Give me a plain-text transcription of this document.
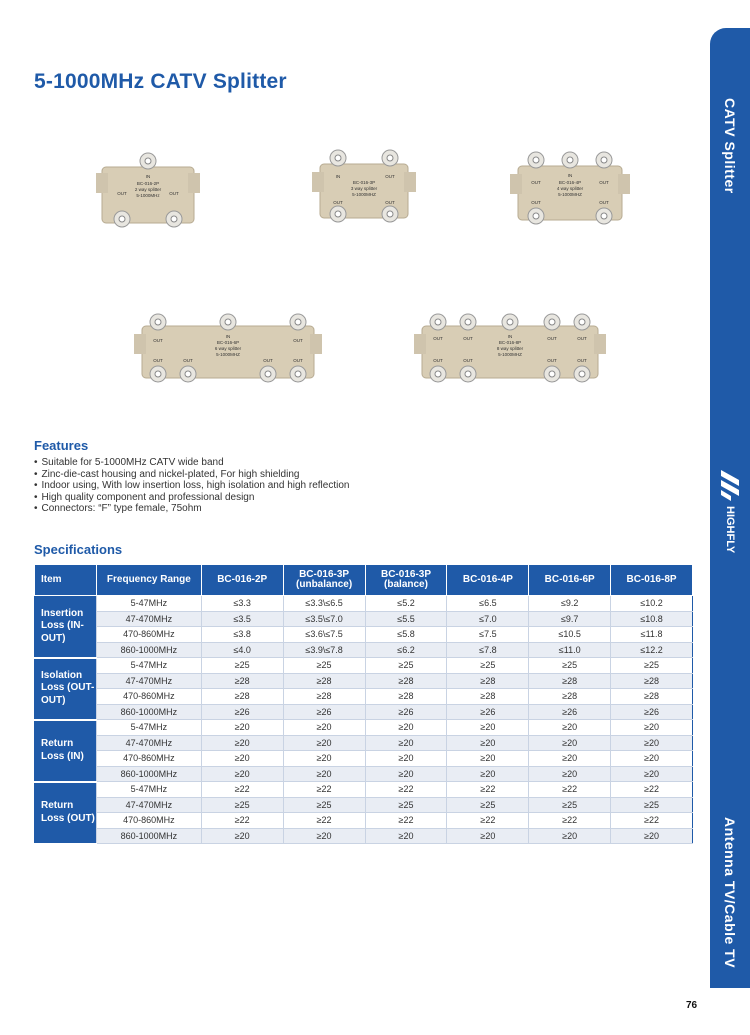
5-1000MHz CATV Splitter
CATV Splitter
HIGHFLY
Antenna TV/Cable TV
IN
BC-016-2P
2 way splitter
5-1000MHz
OUT	OUT
IN	OUT
BC-016-3P
3 way splitter
5-1000MHZ
OUT	OUT
IN
OUT	OUT
BC-016-4P
4 way splitter
5-1000MHZ
OUT	OUT
OUT	OUT
IN
BC-016-6P
6 way splitter
5-1000MHZ
OUT	OUT	OUT	OUT
OUT	OUT	OUT	OUT
IN
BC-016-8P
8 way splitter
5-1000MHZ
OUT	OUT	OUT	OUT
Features
• Suitable for 5-1000MHz CATV wide band
• Zinc-die-cast housing and nickel-plated, For high shielding
• Indoor using, With low insertion loss, high isolation and high reflection
• High quality component and professional design
• Connectors: “F” type female, 75ohm
Specifications
Item	Frequency Range	BC-016-2P	BC-016-3P (unbalance)	BC-016-3P (balance)	BC-016-4P	BC-016-6P	BC-016-8P
Insertion Loss (IN-OUT)	5-47MHz	≤3.3	≤3.3\≤6.5	≤5.2	≤6.5	≤9.2	≤10.2
	47-470MHz	≤3.5	≤3.5\≤7.0	≤5.5	≤7.0	≤9.7	≤10.8
	470-860MHz	≤3.8	≤3.6\≤7.5	≤5.8	≤7.5	≤10.5	≤11.8
	860-1000MHz	≤4.0	≤3.9\≤7.8	≤6.2	≤7.8	≤11.0	≤12.2
Isolation Loss (OUT-OUT)	5-47MHz	≥25	≥25	≥25	≥25	≥25	≥25
	47-470MHz	≥28	≥28	≥28	≥28	≥28	≥28
	470-860MHz	≥28	≥28	≥28	≥28	≥28	≥28
	860-1000MHz	≥26	≥26	≥26	≥26	≥26	≥26
Return Loss (IN)	5-47MHz	≥20	≥20	≥20	≥20	≥20	≥20
	47-470MHz	≥20	≥20	≥20	≥20	≥20	≥20
	470-860MHz	≥20	≥20	≥20	≥20	≥20	≥20
	860-1000MHz	≥20	≥20	≥20	≥20	≥20	≥20
Return Loss (OUT)	5-47MHz	≥22	≥22	≥22	≥22	≥22	≥22
	47-470MHz	≥25	≥25	≥25	≥25	≥25	≥25
	470-860MHz	≥22	≥22	≥22	≥22	≥22	≥22
	860-1000MHz	≥20	≥20	≥20	≥20	≥20	≥20
76
